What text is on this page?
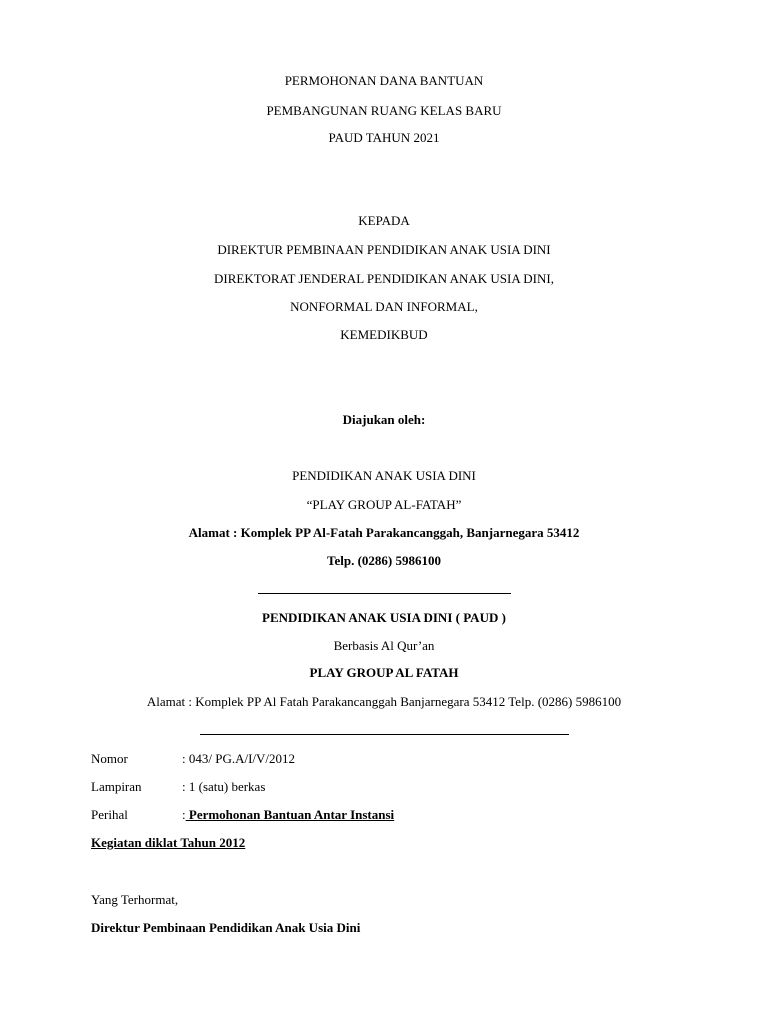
PERMOHONAN DANA BANTUAN
PEMBANGUNAN RUANG KELAS BARU
PAUD TAHUN 2021
KEPADA
DIREKTUR PEMBINAAN PENDIDIKAN ANAK USIA DINI
DIREKTORAT JENDERAL PENDIDIKAN ANAK USIA DINI,
NONFORMAL DAN INFORMAL,
KEMEDIKBUD
Diajukan oleh:
PENDIDIKAN ANAK USIA DINI
“PLAY GROUP AL-FATAH”
Alamat : Komplek PP Al-Fatah Parakancanggah, Banjarnegara 53412
Telp. (0286) 5986100
PENDIDIKAN ANAK USIA DINI ( PAUD )
Berbasis Al Qur’an
PLAY GROUP AL FATAH
Alamat : Komplek PP Al Fatah Parakancanggah Banjarnegara 53412 Telp. (0286) 5986100
Nomor	: 043/ PG.A/I/V/2012
Lampiran	: 1 (satu) berkas
Perihal	: Permohonan Bantuan Antar Instansi
Kegiatan diklat Tahun 2012
Yang Terhormat,
Direktur Pembinaan Pendidikan Anak Usia Dini
